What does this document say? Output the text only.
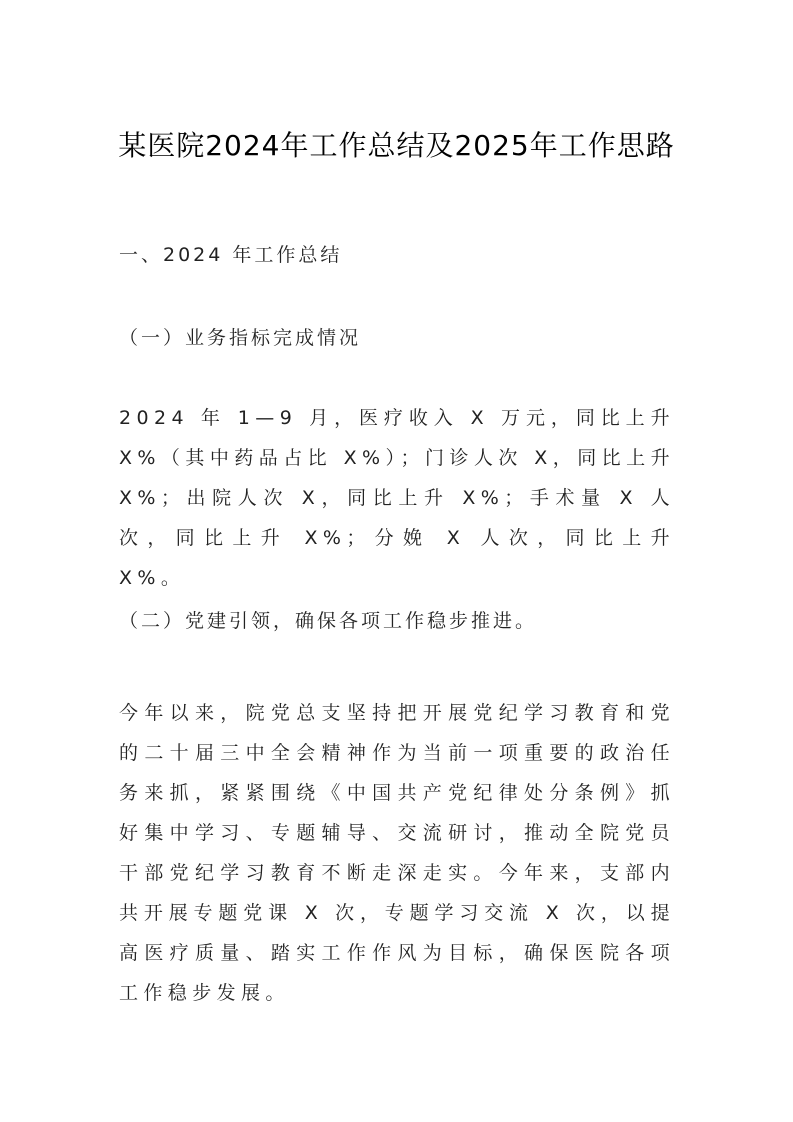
某医院2024年工作总结及2025年工作思路
一、2024 年工作总结
（一）业务指标完成情况
2024 年 1—9 月，医疗收入 X 万元，同比上升 X%（其中药品占比 X%）；门诊人次 X，同比上升 X%；出院人次 X，同比上升 X%；手术量 X 人次，同比上升 X%；分娩 X 人次，同比上升 X%。
（二）党建引领，确保各项工作稳步推进。
今年以来，院党总支坚持把开展党纪学习教育和党的二十届三中全会精神作为当前一项重要的政治任务来抓，紧紧围绕《中国共产党纪律处分条例》抓好集中学习、专题辅导、交流研讨，推动全院党员干部党纪学习教育不断走深走实。今年来，支部内共开展专题党课 X 次，专题学习交流 X 次，以提高医疗质量、踏实工作作风为目标，确保医院各项工作稳步发展。
